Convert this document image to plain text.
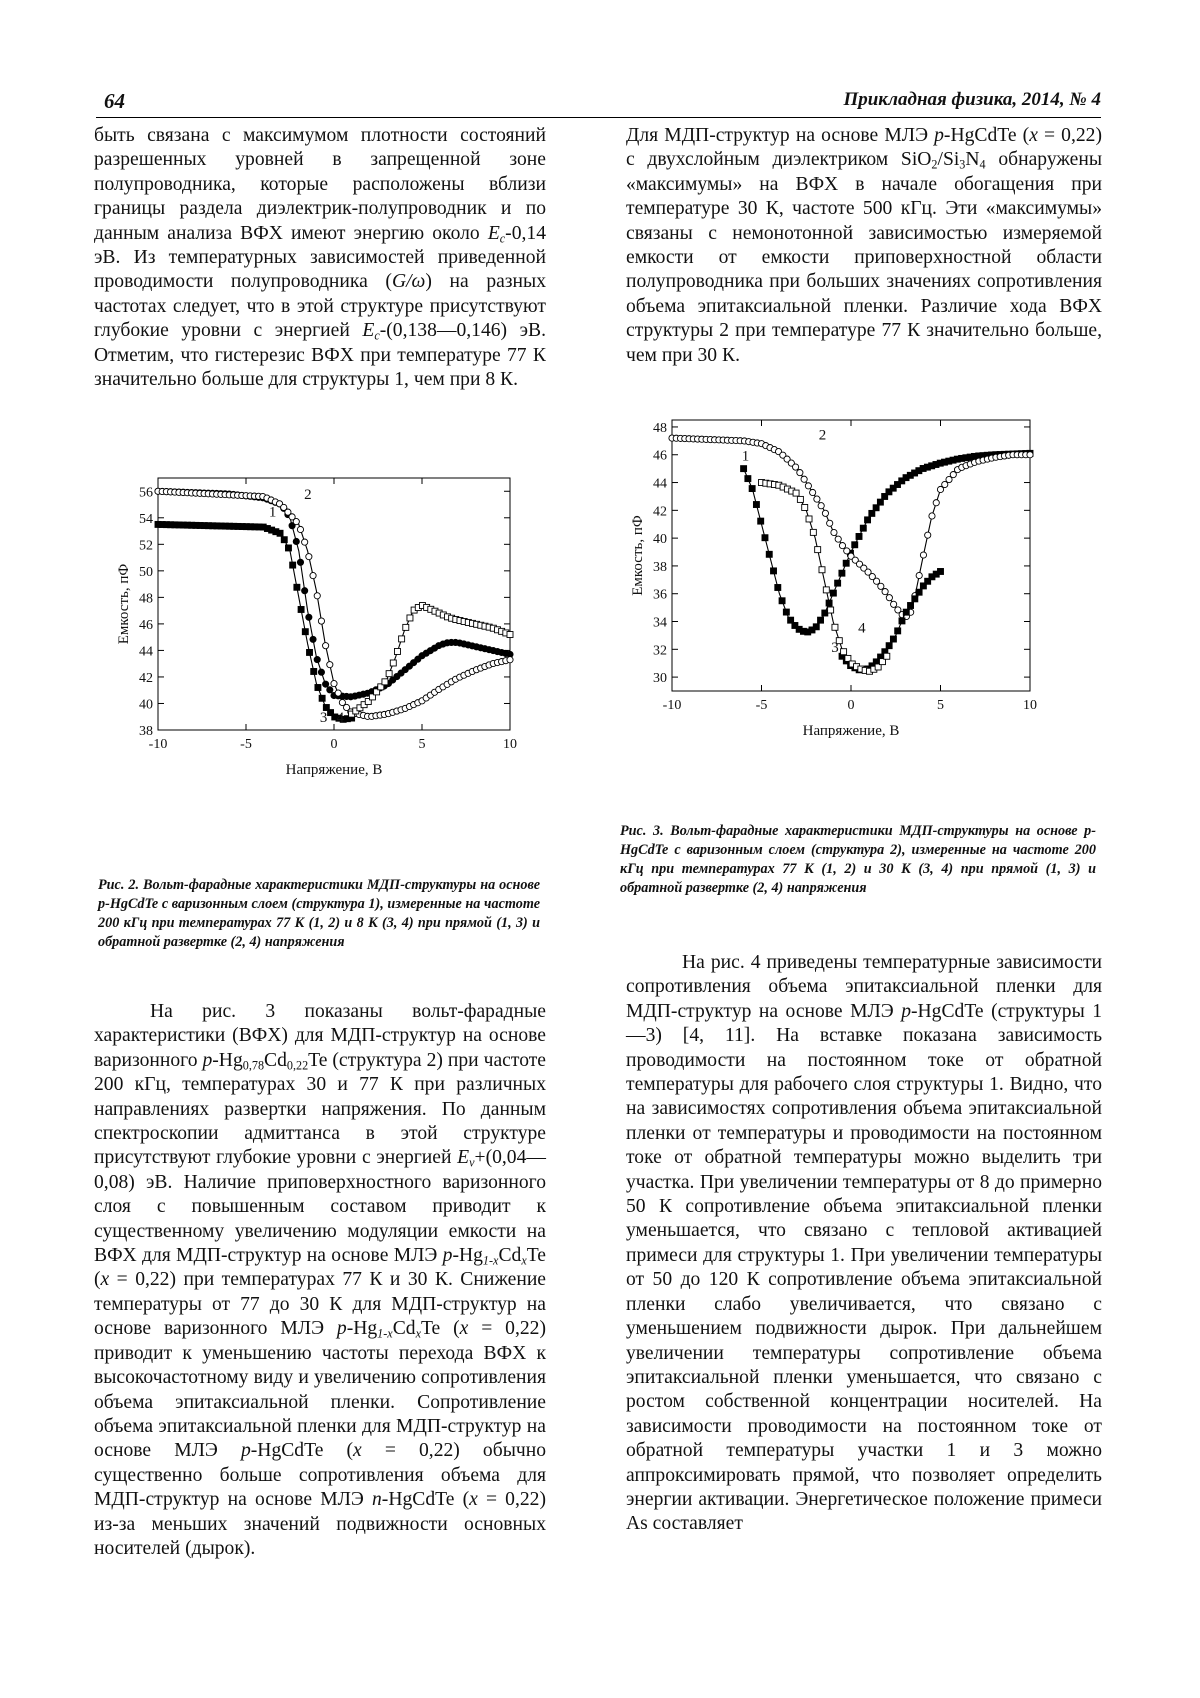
64	Прикладная физика, 2014, № 4

быть связана с максимумом плотности состояний разрешенных уровней в запрещенной зоне полупроводника, которые расположены вблизи границы раздела диэлектрик-полупроводник и по данным анализа ВФХ имеют энергию около $E_c-0,14$ эВ. Из температурных зависимостей приведенной проводимости полупроводника (G/ω) на разных частотах следует, что в этой структуре присутствуют глубокие уровни с энергией $E_c-(0,138—0,146)$ эВ. Отметим, что гистерезис ВФХ при температуре 77 К значительно больше для структуры 1, чем при 8 К.

Для МДП-структур на основе МЛЭ p-HgCdTe (x = 0,22) с двухслойным диэлектриком $SiO_2/Si_3N_4$ обнаружены «максимумы» на ВФХ в начале обогащения при температуре 30 К, частоте 500 кГц. Эти «максимумы» связаны с немонотонной зависимостью измеряемой емкости от емкости приповерхностной области полупроводника при больших значениях сопротивления объема эпитаксиальной пленки. Различие хода ВФХ структуры 2 при температуре 77 К значительно больше, чем при 30 К.

-10	-5	0	5	10
38
40
42
44
46
48
50
52
54
56
Напряжение, В
Емкость, пФ
1
2
3 4
Рис. 2. Вольт-фарадные характеристики МДП-структуры на основе p-HgCdTe с варизонным слоем (структура 1), измеренные на частоте 200 кГц при температурах 77 К (1, 2) и 8 К (3, 4) при прямой (1, 3) и обратной развертке (2, 4) напряжения
-10	-5	0	5	10
30
32
34
36
38
40
42
44
46
48
Напряжение, В
Емкость, пФ
1
2
3
4
Рис. 3. Вольт-фарадные характеристики МДП-структуры на основе p-HgCdTe с варизонным слоем (структура 2), измеренные на частоте 200 кГц при температурах 77 К (1, 2) и 30 К (3, 4) при прямой (1, 3) и обратной развертке (2, 4) напряжения

На рис. 3 показаны вольт-фарадные характеристики (ВФХ) для МДП-структур на основе варизонного $p-Hg_{0,78}Cd_{0,22}Te$ (структура 2) при частоте 200 кГц, температурах 30 и 77 К при различных направлениях развертки напряжения. По данным спектроскопии адмиттанса в этой структуре присутствуют глубокие уровни с энергией $E_v+(0,04—0,08)$ эВ. Наличие приповерхностного варизонного слоя с повышенным составом приводит к существенному увеличению модуляции емкости на ВФХ для МДП-структур на основе МЛЭ $p-Hg_{1-x}Cd_xTe$ (x = 0,22) при температурах 77 К и 30 К. Снижение температуры от 77 до 30 К для МДП-структур на основе варизонного МЛЭ $p-Hg_{1-x}Cd_xTe$ (x = 0,22) приводит к уменьшению частоты перехода ВФХ к высокочастотному виду и увеличению сопротивления объема эпитаксиальной пленки. Сопротивление объема эпитаксиальной пленки для МДП-структур на основе МЛЭ p-HgCdTe (x = 0,22) обычно существенно больше сопротивления объема для МДП-структур на основе МЛЭ n-HgCdTe (x = 0,22) из-за меньших значений подвижности основных носителей (дырок).

На рис. 4 приведены температурные зависимости сопротивления объема эпитаксиальной пленки для МДП-структур на основе МЛЭ p-HgCdTe (структуры 1—3) [4, 11]. На вставке показана зависимость проводимости на постоянном токе от обратной температуры для рабочего слоя структуры 1. Видно, что на зависимостях сопротивления объема эпитаксиальной пленки от температуры и проводимости на постоянном токе от обратной температуры можно выделить три участка. При увеличении температуры от 8 до примерно 50 К сопротивление объема эпитаксиальной пленки уменьшается, что связано с тепловой активацией примеси для структуры 1. При увеличении температуры от 50 до 120 К сопротивление объема эпитаксиальной пленки слабо увеличивается, что связано с уменьшением подвижности дырок. При дальнейшем увеличении температуры сопротивление объема эпитаксиальной пленки уменьшается, что связано с ростом собственной концентрации носителей. На зависимости проводимости на постоянном токе от обратной температуры участки 1 и 3 можно аппроксимировать прямой, что позволяет определить энергии активации. Энергетическое положение примеси As составляет
